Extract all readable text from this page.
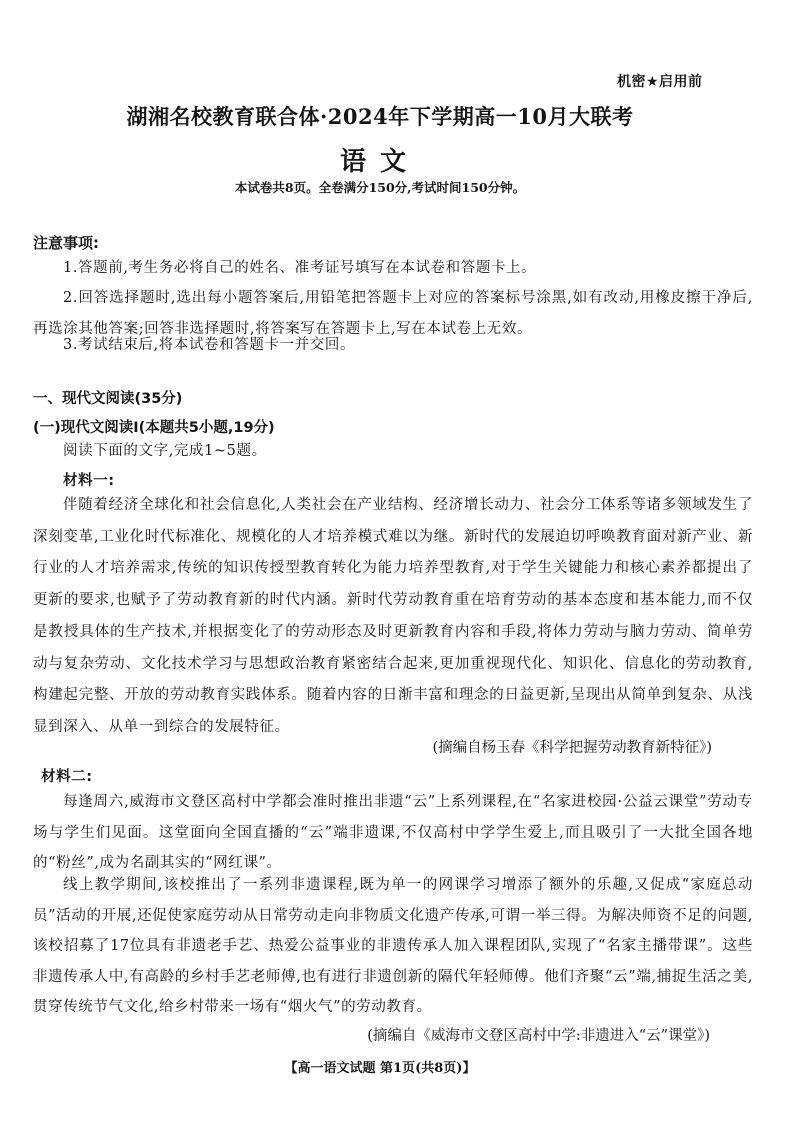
机密★启用前
湖湘名校教育联合体·2024年下学期高一10月大联考
语文
本试卷共8页。全卷满分150分,考试时间150分钟。
注意事项:
1.答题前,考生务必将自己的姓名、准考证号填写在本试卷和答题卡上。
2.回答选择题时,选出每小题答案后,用铅笔把答题卡上对应的答案标号涂黑,如有改动,用橡皮擦干净后,再选涂其他答案;回答非选择题时,将答案写在答题卡上,写在本试卷上无效。
3.考试结束后,将本试卷和答题卡一并交回。
一、现代文阅读(35分)
(一)现代文阅读Ⅰ(本题共5小题,19分)
阅读下面的文字,完成1~5题。
材料一:
伴随着经济全球化和社会信息化,人类社会在产业结构、经济增长动力、社会分工体系等诸多领域发生了深刻变革,工业化时代标准化、规模化的人才培养模式难以为继。新时代的发展迫切呼唤教育面对新产业、新行业的人才培养需求,传统的知识传授型教育转化为能力培养型教育,对于学生关键能力和核心素养都提出了更新的要求,也赋予了劳动教育新的时代内涵。新时代劳动教育重在培育劳动的基本态度和基本能力,而不仅是教授具体的生产技术,并根据变化了的劳动形态及时更新教育内容和手段,将体力劳动与脑力劳动、简单劳动与复杂劳动、文化技术学习与思想政治教育紧密结合起来,更加重视现代化、知识化、信息化的劳动教育,构建起完整、开放的劳动教育实践体系。随着内容的日渐丰富和理念的日益更新,呈现出从简单到复杂、从浅显到深入、从单一到综合的发展特征。
(摘编自杨玉春《科学把握劳动教育新特征》)
材料二:
每逢周六,威海市文登区高村中学都会准时推出非遗“云”上系列课程,在“名家进校园·公益云课堂”劳动专场与学生们见面。这堂面向全国直播的“云”端非遗课,不仅高村中学学生爱上,而且吸引了一大批全国各地的“粉丝”,成为名副其实的“网红课”。
线上教学期间,该校推出了一系列非遗课程,既为单一的网课学习增添了额外的乐趣,又促成“家庭总动员”活动的开展,还促使家庭劳动从日常劳动走向非物质文化遗产传承,可谓一举三得。为解决师资不足的问题,该校招募了17位具有非遗老手艺、热爱公益事业的非遗传承人加入课程团队,实现了“名家主播带课”。这些非遗传承人中,有高龄的乡村手艺老师傅,也有进行非遗创新的隔代年轻师傅。他们齐聚“云”端,捕捉生活之美,贯穿传统节气文化,给乡村带来一场有“烟火气”的劳动教育。
(摘编自《威海市文登区高村中学:非遗进入“云”课堂》)
【高一语文试题 第1页(共8页)】
